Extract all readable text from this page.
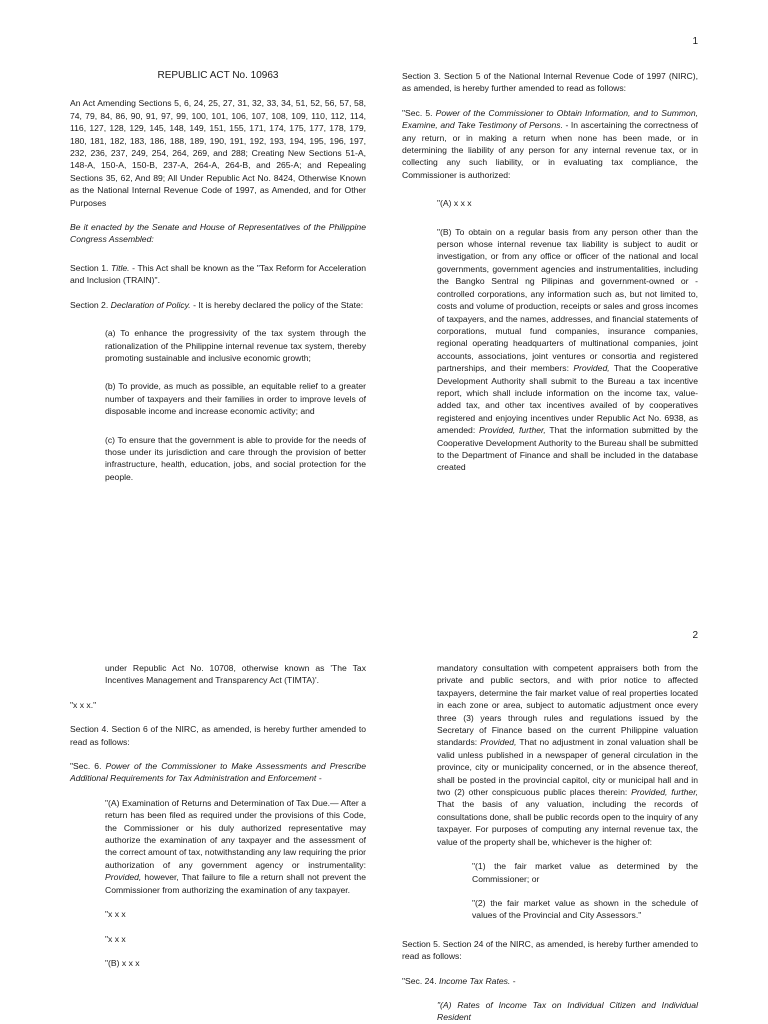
1

REPUBLIC ACT No. 10963

An Act Amending Sections 5, 6, 24, 25, 27, 31, 32, 33, 34, 51, 52, 56, 57, 58, 74, 79, 84, 86, 90, 91, 97, 99, 100, 101, 106, 107, 108, 109, 110, 112, 114, 116, 127, 128, 129, 145, 148, 149, 151, 155, 171, 174, 175, 177, 178, 179, 180, 181, 182, 183, 186, 188, 189, 190, 191, 192, 193, 194, 195, 196, 197, 232, 236, 237, 249, 254, 264, 269, and 288; Creating New Sections 51-A, 148-A, 150-A, 150-B, 237-A, 264-A, 264-B, and 265-A; and Repealing Sections 35, 62, And 89; All Under Republic Act No. 8424, Otherwise Known as the National Internal Revenue Code of 1997, as Amended, and for Other Purposes

Be it enacted by the Senate and House of Representatives of the Philippine Congress Assembled:

Section 1. Title. - This Act shall be known as the "Tax Reform for Acceleration and Inclusion (TRAIN)".

Section 2. Declaration of Policy. - It is hereby declared the policy of the State:

(a) To enhance the progressivity of the tax system through the rationalization of the Philippine internal revenue tax system, thereby promoting sustainable and inclusive economic growth;

(b) To provide, as much as possible, an equitable relief to a greater number of taxpayers and their families in order to improve levels of disposable income and increase economic activity; and

(c) To ensure that the government is able to provide for the needs of those under its jurisdiction and care through the provision of better infrastructure, health, education, jobs, and social protection for the people.

Section 3. Section 5 of the National Internal Revenue Code of 1997 (NIRC), as amended, is hereby further amended to read as follows:

"Sec. 5. Power of the Commissioner to Obtain Information, and to Summon, Examine, and Take Testimony of Persons. - In ascertaining the correctness of any return, or in making a return when none has been made, or in determining the liability of any person for any internal revenue tax, or in collecting any such liability, or in evaluating tax compliance, the Commissioner is authorized:

"(A) x x x

"(B) To obtain on a regular basis from any person other than the person whose internal revenue tax liability is subject to audit or investigation, or from any office or officer of the national and local governments, government agencies and instrumentalities, including the Bangko Sentral ng Pilipinas and government-owned or -controlled corporations, any information such as, but not limited to, costs and volume of production, receipts or sales and gross incomes of taxpayers, and the names, addresses, and financial statements of corporations, mutual fund companies, insurance companies, regional operating headquarters of multinational companies, joint accounts, associations, joint ventures or consortia and registered partnerships, and their members: Provided, That the Cooperative Development Authority shall submit to the Bureau a tax incentive report, which shall include information on the income tax, value-added tax, and other tax incentives availed of by cooperatives registered and enjoying incentives under Republic Act No. 6938, as amended: Provided, further, That the information submitted by the Cooperative Development Authority to the Bureau shall be submitted to the Department of Finance and shall be included in the database created

2

under Republic Act No. 10708, otherwise known as 'The Tax Incentives Management and Transparency Act (TIMTA)'.

"x x x."

Section 4. Section 6 of the NIRC, as amended, is hereby further amended to read as follows:

"Sec. 6. Power of the Commissioner to Make Assessments and Prescribe Additional Requirements for Tax Administration and Enforcement -

"(A) Examination of Returns and Determination of Tax Due.— After a return has been filed as required under the provisions of this Code, the Commissioner or his duly authorized representative may authorize the examination of any taxpayer and the assessment of the correct amount of tax, notwithstanding any law requiring the prior authorization of any government agency or instrumentality: Provided, however, That failure to file a return shall not prevent the Commissioner from authorizing the examination of any taxpayer.

"x x x

"x x x

"(B) x x x

mandatory consultation with competent appraisers both from the private and public sectors, and with prior notice to affected taxpayers, determine the fair market value of real properties located in each zone or area, subject to automatic adjustment once every three (3) years through rules and regulations issued by the Secretary of Finance based on the current Philippine valuation standards: Provided, That no adjustment in zonal valuation shall be valid unless published in a newspaper of general circulation in the province, city or municipality concerned, or in the absence thereof, shall be posted in the provincial capitol, city or municipal hall and in two (2) other conspicuous public places therein: Provided, further, That the basis of any valuation, including the records of consultations done, shall be public records open to the inquiry of any taxpayer. For purposes of computing any internal revenue tax, the value of the property shall be, whichever is the higher of:

"(1) the fair market value as determined by the Commissioner; or

"(2) the fair market value as shown in the schedule of values of the Provincial and City Assessors."

Section 5. Section 24 of the NIRC, as amended, is hereby further amended to read as follows:

"Sec. 24. Income Tax Rates. -

"(A) Rates of Income Tax on Individual Citizen and Individual Resident
